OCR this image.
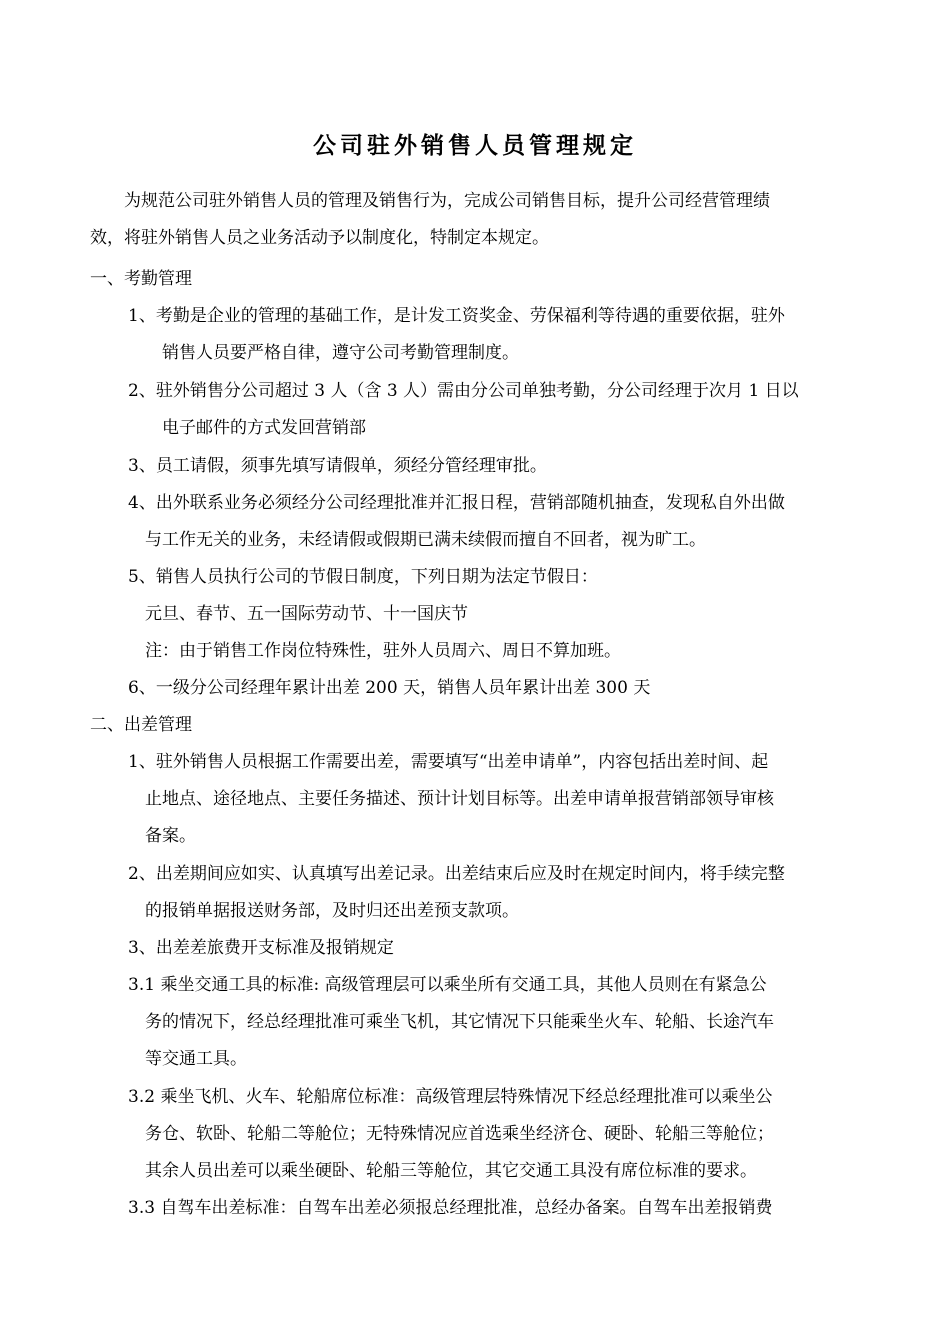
公司驻外销售人员管理规定
　　为规范公司驻外销售人员的管理及销售行为，完成公司销售目标，提升公司经营管理绩
效，将驻外销售人员之业务活动予以制度化，特制定本规定。
一、考勤管理
1、考勤是企业的管理的基础工作，是计发工资奖金、劳保福利等待遇的重要依据，驻外
　　销售人员要严格自律，遵守公司考勤管理制度。
2、驻外销售分公司超过 3 人（含 3 人）需由分公司单独考勤，分公司经理于次月 1 日以
　　电子邮件的方式发回营销部
3、员工请假，须事先填写请假单，须经分管经理审批。
4、出外联系业务必须经分公司经理批准并汇报日程，营销部随机抽查，发现私自外出做
　与工作无关的业务，未经请假或假期已满未续假而擅自不回者，视为旷工。
5、销售人员执行公司的节假日制度，下列日期为法定节假日：
　元旦、春节、五一国际劳动节、十一国庆节
　注：由于销售工作岗位特殊性，驻外人员周六、周日不算加班。
6、一级分公司经理年累计出差 200 天，销售人员年累计出差 300 天
二、出差管理
1、驻外销售人员根据工作需要出差，需要填写“出差申请单”，内容包括出差时间、起
　止地点、途径地点、主要任务描述、预计计划目标等。出差申请单报营销部领导审核
　备案。
2、出差期间应如实、认真填写出差记录。出差结束后应及时在规定时间内，将手续完整
　的报销单据报送财务部，及时归还出差预支款项。
3、出差差旅费开支标准及报销规定
3.1 乘坐交通工具的标准: 高级管理层可以乘坐所有交通工具，其他人员则在有紧急公
　务的情况下，经总经理批准可乘坐飞机，其它情况下只能乘坐火车、轮船、长途汽车
　等交通工具。
3.2 乘坐飞机、火车、轮船席位标准：高级管理层特殊情况下经总经理批准可以乘坐公
　务仓、软卧、轮船二等舱位；无特殊情况应首选乘坐经济仓、硬卧、轮船三等舱位；
　其余人员出差可以乘坐硬卧、轮船三等舱位，其它交通工具没有席位标准的要求。
3.3 自驾车出差标准：自驾车出差必须报总经理批准，总经办备案。自驾车出差报销费
